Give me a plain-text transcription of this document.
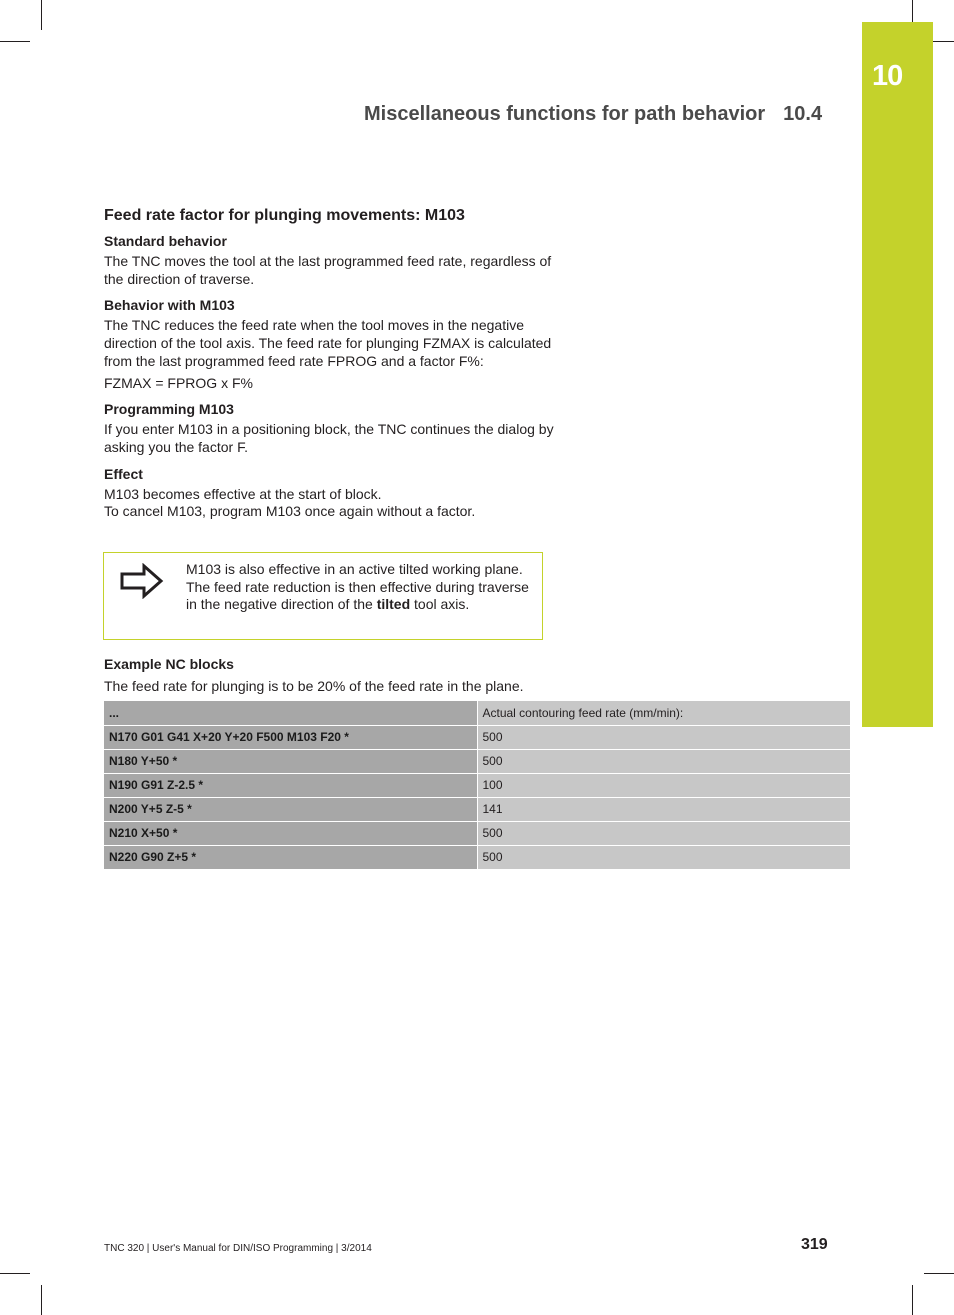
10
Miscellaneous functions for path behavior 10.4
Feed rate factor for plunging movements: M103
Standard behavior
The TNC moves the tool at the last programmed feed rate, regardless of the direction of traverse.
Behavior with M103
The TNC reduces the feed rate when the tool moves in the negative direction of the tool axis. The feed rate for plunging FZMAX is calculated from the last programmed feed rate FPROG and a factor F%:
FZMAX = FPROG x F%
Programming M103
If you enter M103 in a positioning block, the TNC continues the dialog by asking you the factor F.
Effect
M103 becomes effective at the start of block.
To cancel M103, program M103 once again without a factor.
M103 is also effective in an active tilted working plane. The feed rate reduction is then effective during traverse in the negative direction of the tilted tool axis.
Example NC blocks
The feed rate for plunging is to be 20% of the feed rate in the plane.
...	Actual contouring feed rate (mm/min):
N170 G01 G41 X+20 Y+20 F500 M103 F20 *	500
N180 Y+50 *	500
N190 G91 Z-2.5 *	100
N200 Y+5 Z-5 *	141
N210 X+50 *	500
N220 G90 Z+5 *	500
TNC 320 | User's Manual for DIN/ISO Programming | 3/2014	319
